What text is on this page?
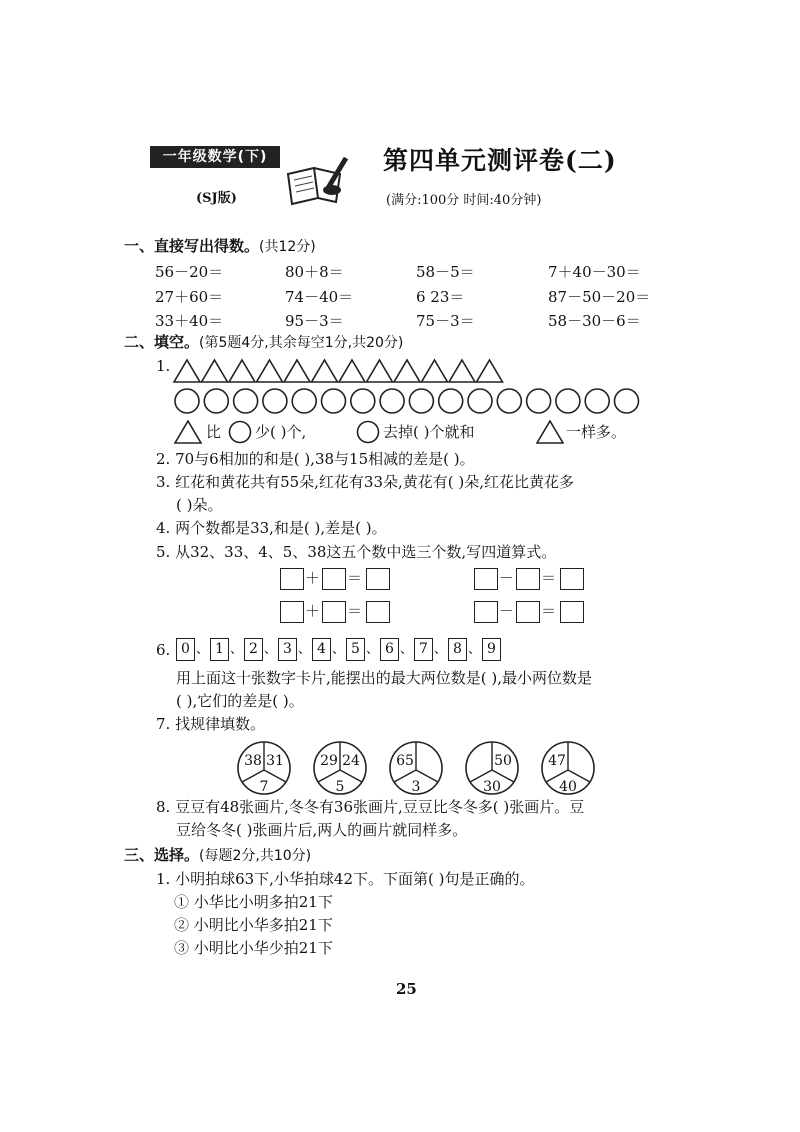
一年级数学(下)
(SJ版)
第四单元测评卷(二)
(满分:100分 时间:40分钟)
一、直接写出得数。(共12分)
56－20＝	80＋8＝	58－5＝	7＋40－30＝
27＋60＝	74－40＝	6 23＝	87－50－20＝
33＋40＝	95－3＝	75－3＝	58－30－6＝
二、填空。(第5题4分,其余每空1分,共20分)
1.
比 少( )个,	去掉( )个就和	一样多。
2. 70与6相加的和是( ),38与15相减的差是( )。
3. 红花和黄花共有55朵,红花有33朵,黄花有( )朵,红花比黄花多
( )朵。
4. 两个数都是33,和是( ),差是( )。
5. 从32、33、4、5、38这五个数中选三个数,写四道算式。
＋ ＝	－ ＝
＋ ＝	－ ＝
6. 0 、 1 、 2 、 3 、 4 、 5 、 6 、 7 、 8 、 9
用上面这十张数字卡片,能摆出的最大两位数是( ),最小两位数是
( ),它们的差是( )。
7. 找规律填数。
38 31
7
29 24
5
65
3
50
30
47
40
8. 豆豆有48张画片,冬冬有36张画片,豆豆比冬冬多( )张画片。豆
豆给冬冬( )张画片后,两人的画片就同样多。
三、选择。(每题2分,共10分)
1. 小明拍球63下,小华拍球42下。下面第( )句是正确的。
① 小华比小明多拍21下
② 小明比小华多拍21下
③ 小明比小华少拍21下
25
